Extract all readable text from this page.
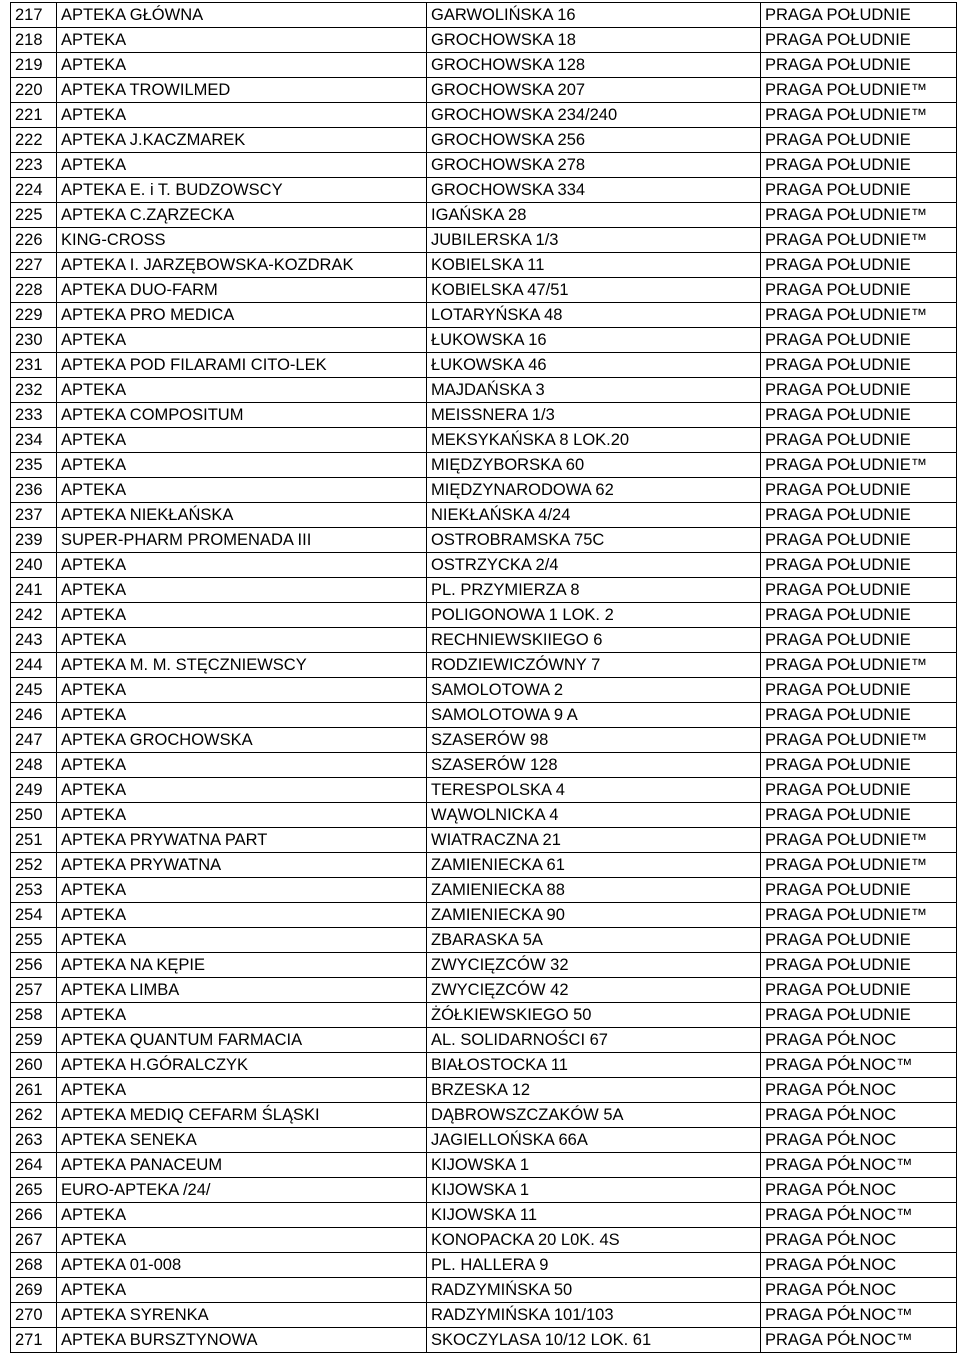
217	APTEKA GŁÓWNA	GARWOLIŃSKA 16	PRAGA POŁUDNIE
218	APTEKA	GROCHOWSKA 18	PRAGA POŁUDNIE
219	APTEKA	GROCHOWSKA 128	PRAGA POŁUDNIE
220	APTEKA TROWILMED	GROCHOWSKA 207	PRAGA POŁUDNIE™
221	APTEKA	GROCHOWSKA 234/240	PRAGA POŁUDNIE™
222	APTEKA J.KACZMAREK	GROCHOWSKA 256	PRAGA POŁUDNIE
223	APTEKA	GROCHOWSKA 278	PRAGA POŁUDNIE
224	APTEKA E. i T. BUDZOWSCY	GROCHOWSKA 334	PRAGA POŁUDNIE
225	APTEKA C.ZĄRZECKA	IGAŃSKA 28	PRAGA POŁUDNIE™
226	KING-CROSS	JUBILERSKA 1/3	PRAGA POŁUDNIE™
227	APTEKA I. JARZĘBOWSKA-KOZDRAK	KOBIELSKA 11	PRAGA POŁUDNIE
228	APTEKA DUO-FARM	KOBIELSKA 47/51	PRAGA POŁUDNIE
229	APTEKA PRO MEDICA	LOTARYŃSKA 48	PRAGA POŁUDNIE™
230	APTEKA	ŁUKOWSKA 16	PRAGA POŁUDNIE
231	APTEKA POD FILARAMI CITO-LEK	ŁUKOWSKA 46	PRAGA POŁUDNIE
232	APTEKA	MAJDAŃSKA 3	PRAGA POŁUDNIE
233	APTEKA COMPOSITUM	MEISSNERA 1/3	PRAGA POŁUDNIE
234	APTEKA	MEKSYKAŃSKA 8 LOK.20	PRAGA POŁUDNIE
235	APTEKA	MIĘDZYBORSKA 60	PRAGA POŁUDNIE™
236	APTEKA	MIĘDZYNARODOWA 62	PRAGA POŁUDNIE
237	APTEKA NIEKŁAŃSKA	NIEKŁAŃSKA 4/24	PRAGA POŁUDNIE
239	SUPER-PHARM PROMENADA III	OSTROBRAMSKA 75C	PRAGA POŁUDNIE
240	APTEKA	OSTRZYCKA 2/4	PRAGA POŁUDNIE
241	APTEKA	PL. PRZYMIERZA 8	PRAGA POŁUDNIE
242	APTEKA	POLIGONOWA 1 LOK. 2	PRAGA POŁUDNIE
243	APTEKA	RECHNIEWSKIIEGO 6	PRAGA POŁUDNIE
244	APTEKA M. M. STĘCZNIEWSCY	RODZIEWICZÓWNY 7	PRAGA POŁUDNIE™
245	APTEKA	SAMOLOTOWA 2	PRAGA POŁUDNIE
246	APTEKA	SAMOLOTOWA 9 A	PRAGA POŁUDNIE
247	APTEKA GROCHOWSKA	SZASERÓW 98	PRAGA POŁUDNIE™
248	APTEKA	SZASERÓW 128	PRAGA POŁUDNIE
249	APTEKA	TERESPOLSKA 4	PRAGA POŁUDNIE
250	APTEKA	WĄWOLNICKA 4	PRAGA POŁUDNIE
251	APTEKA PRYWATNA PART	WIATRACZNA 21	PRAGA POŁUDNIE™
252	APTEKA PRYWATNA	ZAMIENIECKA 61	PRAGA POŁUDNIE™
253	APTEKA	ZAMIENIECKA 88	PRAGA POŁUDNIE
254	APTEKA	ZAMIENIECKA 90	PRAGA POŁUDNIE™
255	APTEKA	ZBARASKA 5A	PRAGA POŁUDNIE
256	APTEKA NA KĘPIE	ZWYCIĘZCÓW 32	PRAGA POŁUDNIE
257	APTEKA LIMBA	ZWYCIĘZCÓW 42	PRAGA POŁUDNIE
258	APTEKA	ŻÓŁKIEWSKIEGO 50	PRAGA POŁUDNIE
259	APTEKA QUANTUM FARMACIA	AL. SOLIDARNOŚCI 67	PRAGA PÓŁNOC
260	APTEKA H.GÓRALCZYK	BIAŁOSTOCKA 11	PRAGA PÓŁNOC™
261	APTEKA	BRZESKA 12	PRAGA PÓŁNOC
262	APTEKA MEDIQ CEFARM ŚLĄSKI	DĄBROWSZCZAKÓW 5A	PRAGA PÓŁNOC
263	APTEKA SENEKA	JAGIELLOŃSKA 66A	PRAGA PÓŁNOC
264	APTEKA PANACEUM	KIJOWSKA 1	PRAGA PÓŁNOC™
265	EURO-APTEKA /24/	KIJOWSKA 1	PRAGA PÓŁNOC
266	APTEKA	KIJOWSKA 11	PRAGA PÓŁNOC™
267	APTEKA	KONOPACKA 20 L0K. 4S	PRAGA PÓŁNOC
268	APTEKA 01-008	PL. HALLERA 9	PRAGA PÓŁNOC
269	APTEKA	RADZYMIŃSKA 50	PRAGA PÓŁNOC
270	APTEKA SYRENKA	RADZYMIŃSKA 101/103	PRAGA PÓŁNOC™
271	APTEKA BURSZTYNOWA	SKOCZYLASA 10/12 LOK. 61	PRAGA PÓŁNOC™
